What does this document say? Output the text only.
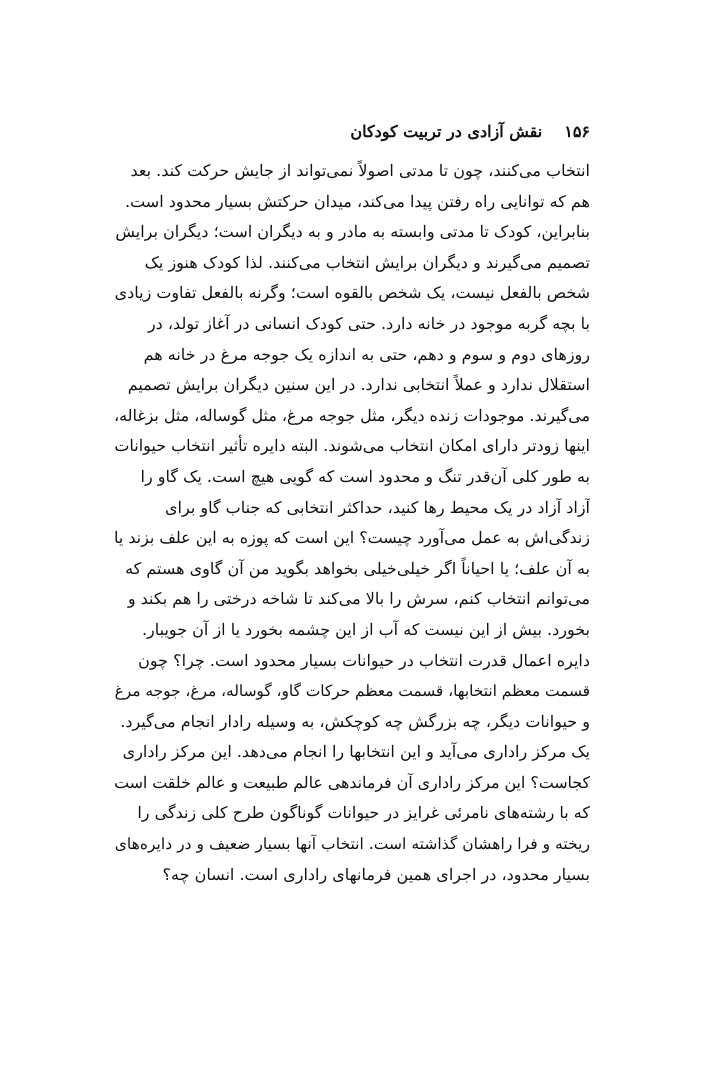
۱۵۶
نقش آزادی در تربیت کودکان
انتخاب می‌کنند، چون تا مدتی اصولاً نمی‌تواند از جایش حرکت کند. بعد
هم که توانایی راه رفتن پیدا می‌کند، میدان حرکتش بسیار محدود است.
بنابراین، کودک تا مدتی وابسته به مادر و به دیگران است؛ دیگران برایش
تصمیم می‌گیرند و دیگران برایش انتخاب می‌کنند. لذا کودک هنوز یک
شخص بالفعل نیست، یک شخص بالقوه است؛ وگرنه بالفعل تفاوت زیادی
با بچه گربه موجود در خانه دارد. حتی کودک انسانی در آغاز تولد، در
روزهای دوم و سوم و دهم، حتی به اندازه یک جوجه مرغ در خانه هم
استقلال ندارد و عملاً انتخابی ندارد. در این سنین دیگران برایش تصمیم
می‌گیرند. موجودات زنده دیگر، مثل جوجه مرغ، مثل گوساله، مثل بزغاله،
اینها زودتر دارای امکان انتخاب می‌شوند. البته دایره تأثیر انتخاب حیوانات
به طور کلی آن‌قدر تنگ و محدود است که گویی هیچ است. یک گاو را
آزاد آزاد در یک محیط رها کنید، حداکثر انتخابی که جناب گاو برای
زندگی‌اش به عمل می‌آورد چیست؟ این است که پوزه به این علف بزند یا
به آن علف؛ یا احیاناً اگر خیلی‌خیلی بخواهد بگوید من آن گاوی هستم که
می‌توانم انتخاب کنم، سرش را بالا می‌کند تا شاخه درختی را هم بکند و
بخورد. بیش از این نیست که آب از این چشمه بخورد یا از آن جویبار.
دایره اعمال قدرت انتخاب در حیوانات بسیار محدود است. چرا؟ چون
قسمت معظم انتخابها، قسمت معظم حرکات گاو، گوساله، مرغ، جوجه مرغ
و حیوانات دیگر، چه بزرگش چه کوچکش، به وسیله رادار انجام می‌گیرد.
یک مرکز راداری می‌آید و این انتخابها را انجام می‌دهد. این مرکز راداری
کجاست؟ این مرکز راداری آن فرماندهی عالم طبیعت و عالم خلقت است
که با رشته‌های نامرئی غرایز در حیوانات گوناگون طرح کلی زندگی را
ریخته و فرا راهشان گذاشته است. انتخاب آنها بسیار ضعیف و در دایره‌های
بسیار محدود، در اجرای همین فرمانهای راداری است. انسان چه؟
